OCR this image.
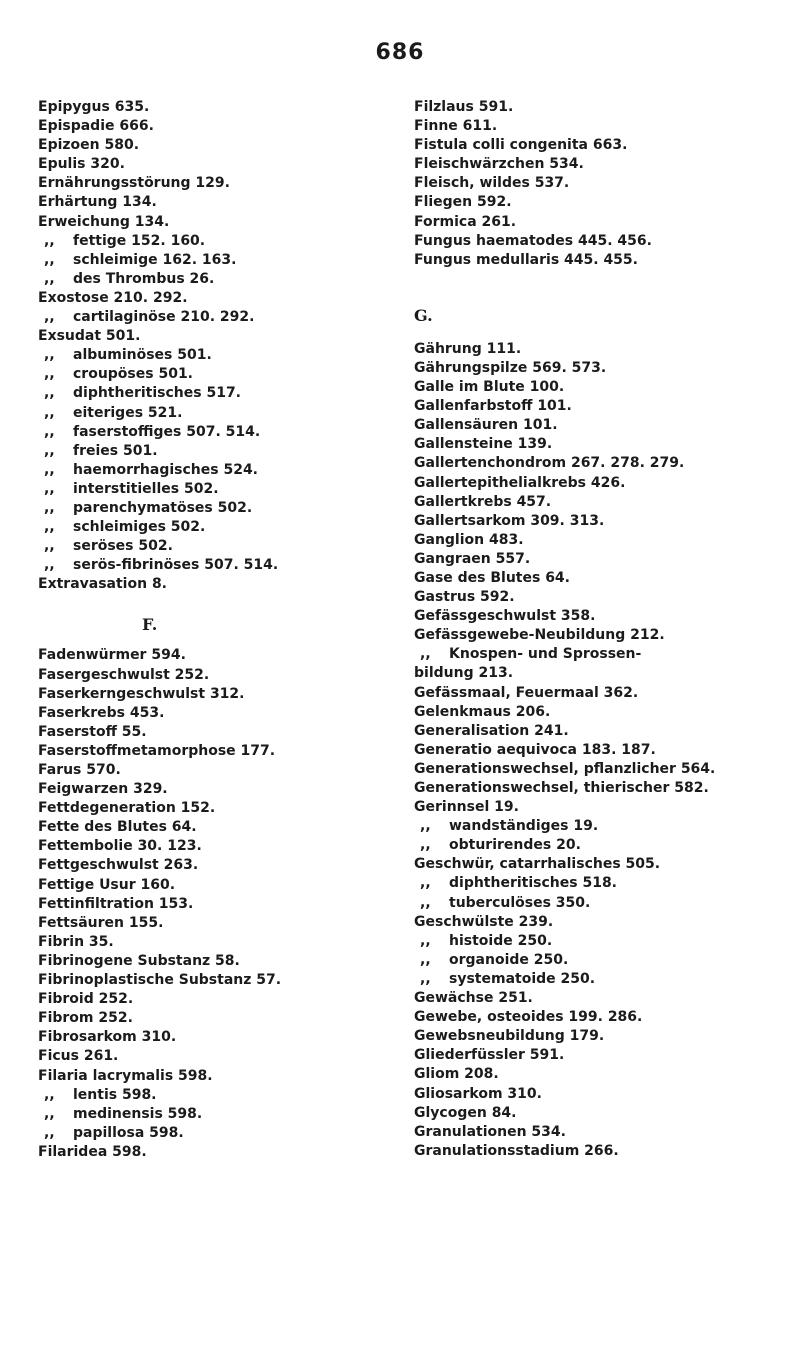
686
Epipygus 635.
Epispadie 666.
Epizoen 580.
Epulis 320.
Ernährungsstörung 129.
Erhärtung 134.
Erweichung 134.
,, fettige 152. 160.
,, schleimige 162. 163.
,, des Thrombus 26.
Exostose 210. 292.
,, cartilaginöse 210. 292.
Exsudat 501.
,, albuminöses 501.
,, croupöses 501.
,, diphtheritisches 517.
,, eiteriges 521.
,, faserstoffiges 507. 514.
,, freies 501.
,, haemorrhagisches 524.
,, interstitielles 502.
,, parenchymatöses 502.
,, schleimiges 502.
,, seröses 502.
,, serös-fibrinöses 507. 514.
Extravasation 8.
F.
Fadenwürmer 594.
Fasergeschwulst 252.
Faserkerngeschwulst 312.
Faserkrebs 453.
Faserstoff 55.
Faserstoffmetamorphose 177.
Farus 570.
Feigwarzen 329.
Fettdegeneration 152.
Fette des Blutes 64.
Fettembolie 30. 123.
Fettgeschwulst 263.
Fettige Usur 160.
Fettinfiltration 153.
Fettsäuren 155.
Fibrin 35.
Fibrinogene Substanz 58.
Fibrinoplastische Substanz 57.
Fibroid 252.
Fibrom 252.
Fibrosarkom 310.
Ficus 261.
Filaria lacrymalis 598.
,, lentis 598.
,, medinensis 598.
,, papillosa 598.
Filaridea 598.
Filzlaus 591.
Finne 611.
Fistula colli congenita 663.
Fleischwärzchen 534.
Fleisch, wildes 537.
Fliegen 592.
Formica 261.
Fungus haematodes 445. 456.
Fungus medullaris 445. 455.
G.
Gährung 111.
Gährungspilze 569. 573.
Galle im Blute 100.
Gallenfarbstoff 101.
Gallensäuren 101.
Gallensteine 139.
Gallertenchondrom 267. 278. 279.
Gallertepithelialkrebs 426.
Gallertkrebs 457.
Gallertsarkom 309. 313.
Ganglion 483.
Gangraen 557.
Gase des Blutes 64.
Gastrus 592.
Gefässgeschwulst 358.
Gefässgewebe-Neubildung 212.
,, Knospen- und Sprossen-
bildung 213.
Gefässmaal, Feuermaal 362.
Gelenkmaus 206.
Generalisation 241.
Generatio aequivoca 183. 187.
Generationswechsel, pflanzlicher 564.
Generationswechsel, thierischer 582.
Gerinnsel 19.
,, wandständiges 19.
,, obturirendes 20.
Geschwür, catarrhalisches 505.
,, diphtheritisches 518.
,, tuberculöses 350.
Geschwülste 239.
,, histoide 250.
,, organoide 250.
,, systematoide 250.
Gewächse 251.
Gewebe, osteoides 199. 286.
Gewebsneubildung 179.
Gliederfüssler 591.
Gliom 208.
Gliosarkom 310.
Glycogen 84.
Granulationen 534.
Granulationsstadium 266.
